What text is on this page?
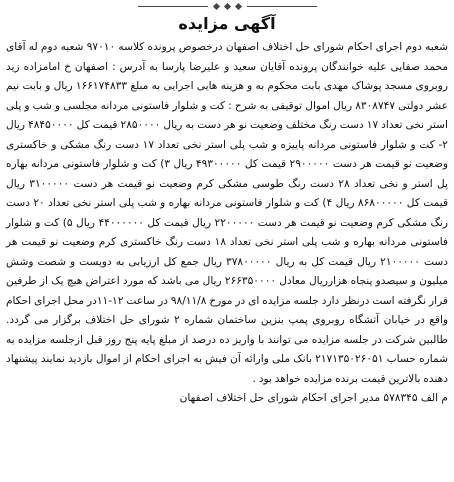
آگهی مزایده

شعبه دوم اجرای احکام شورای حل اختلاف اصفهان درخصوص پرونده کلاسه ۹۷۰۱۰ شعبه دوم له آقای محمد صفایی علیه خوانندگان پرونده آقایان سعید و علیرضا پارسا به آدرس : اصفهان خ امامزاده زید روبروی مسجد پوشاک مهدی بابت محکوم به و هزینه هایی اجرایی به مبلغ ۱۶۶۱۷۴۸۳۳ ریال و بابت نیم عشر دولتی ۸۳۰۸۷۴۷ ریال اموال توقیفی به شرح : کت و شلوار فاستونی مردانه مجلسی و شب و پلی استر نخی تعداد ۱۷ دست رنگ مختلف وضعیت نو هر دست به ریال ۲۸۵۰۰۰۰ قیمت کل ۴۸۴۵۰۰۰۰ ریال ۲- کت و شلوار فاستونی مردانه پاییزه و شب پلی استر نخی تعداد ۱۷ دست رنگ مشکی و خاکستری وضعیت نو قیمت هر دست ۲۹۰۰۰۰۰ قیمت کل ۴۹۳۰۰۰۰۰ ریال ۳) کت و شلوار فاستونی مردانه بهاره پل استر و نخی تعداد ۲۸ دست رنگ طوسی مشکی کرم وضعیت نو قیمت هر دست ۳۱۰۰۰۰۰ ریال قیمت کل ۸۶۸۰۰۰۰۰ ریال ۴) کت و شلوار فاستونی مردانه بهاره و شب پلی استر نخی تعداد ۲۰ دست رنگ مشکی کرم وضعیت نو قیمت هر دست ۲۲۰۰۰۰۰ ریال قیمت کل ۴۴۰۰۰۰۰۰ ریال ۵) کت و شلوار فاستونی مردانه بهاره و شب پلی استر نخی تعداد ۱۸ دست رنگ خاکستری کرم وضعیت نو قیمت هر دست ۲۱۰۰۰۰۰ ریال قیمت کل به ریال ۳۷۸۰۰۰۰۰ ریال جمع کل ارزیابی به دویست و شصت وشش میلیون و سیصدو پنجاه هزارریال معادل ۲۶۶۳۵۰۰۰۰ ریال می باشد که مورد اعتراض هیچ یک از طرفین قرار نگرفته است درنظر دارد جلسه مزایده ای در مورخ ۹۸/۱۱/۸ در ساعت ۱۲-۱۱در محل اجرای احکام واقع در خیابان آتشگاه روبروی پمپ بنزین ساختمان شماره ۲ شورای حل اختلاف برگزار می گردد. طالبین شرکت در جلسه مزایده می توانند با واریز ده درصد از مبلغ پایه پنج روز قبل ازجلسه مزایده به شماره حساب ۲۱۷۱۳۵۰۲۶۰۵۱ بانک ملی وارائه آن فیش به اجرای احکام از اموال بازدید نمایند پیشنهاد دهنده بالاترین قیمت برنده مزایده خواهد بود .

م الف ۵۷۸۳۴۵ مدیر اجرای احکام شورای حل اختلاف اصفهان
